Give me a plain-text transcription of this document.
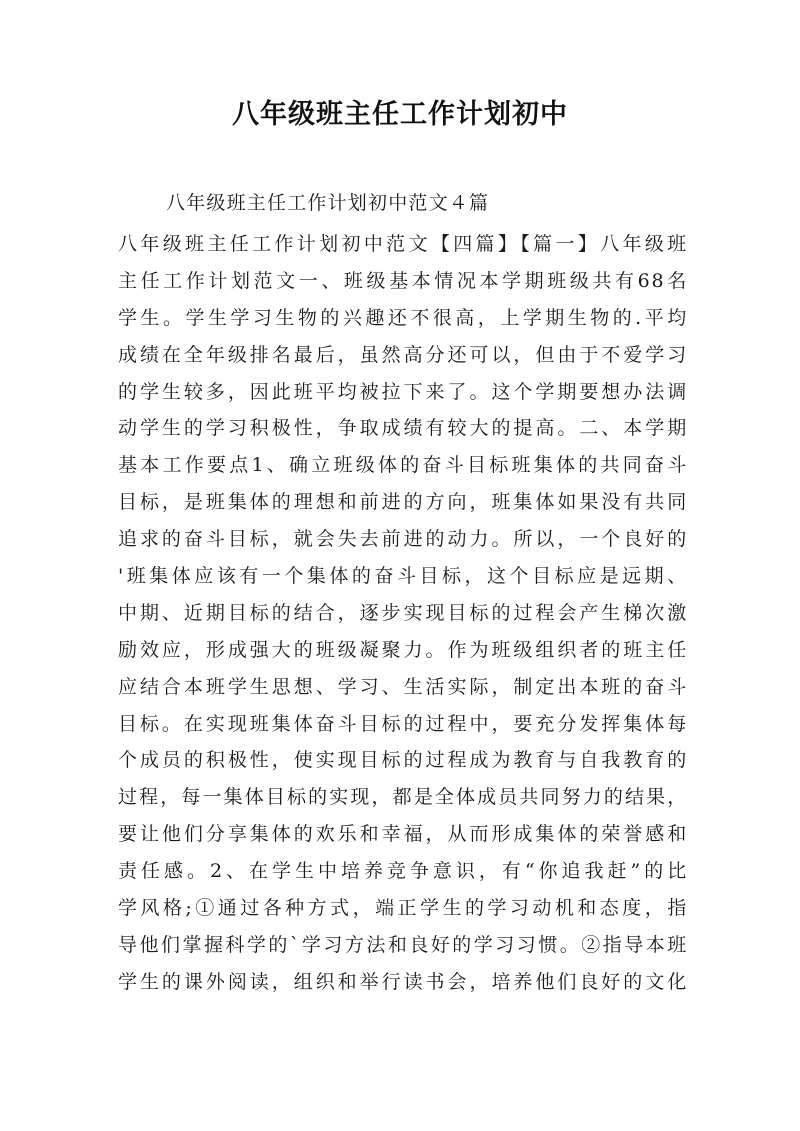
八年级班主任工作计划初中

八年级班主任工作计划初中范文４篇

八年级班主任工作计划初中范文【四篇】【篇一】八年级班
主任工作计划范文一、班级基本情况本学期班级共有68名
学生。学生学习生物的兴趣还不很高，上学期生物的.平均
成绩在全年级排名最后，虽然高分还可以，但由于不爱学习
的学生较多，因此班平均被拉下来了。这个学期要想办法调
动学生的学习积极性，争取成绩有较大的提高。二、本学期
基本工作要点1、确立班级体的奋斗目标班集体的共同奋斗
目标，是班集体的理想和前进的方向，班集体如果没有共同
追求的奋斗目标，就会失去前进的动力。所以，一个良好的
'班集体应该有一个集体的奋斗目标，这个目标应是远期、
中期、近期目标的结合，逐步实现目标的过程会产生梯次激
励效应，形成强大的班级凝聚力。作为班级组织者的班主任
应结合本班学生思想、学习、生活实际，制定出本班的奋斗
目标。在实现班集体奋斗目标的过程中，要充分发挥集体每
个成员的积极性，使实现目标的过程成为教育与自我教育的
过程，每一集体目标的实现，都是全体成员共同努力的结果，
要让他们分享集体的欢乐和幸福，从而形成集体的荣誉感和
责任感。2、在学生中培养竞争意识，有“你追我赶”的比
学风格;①通过各种方式，端正学生的学习动机和态度，指
导他们掌握科学的`学习方法和良好的学习习惯。②指导本班
学生的课外阅读，组织和举行读书会，培养他们良好的文化
